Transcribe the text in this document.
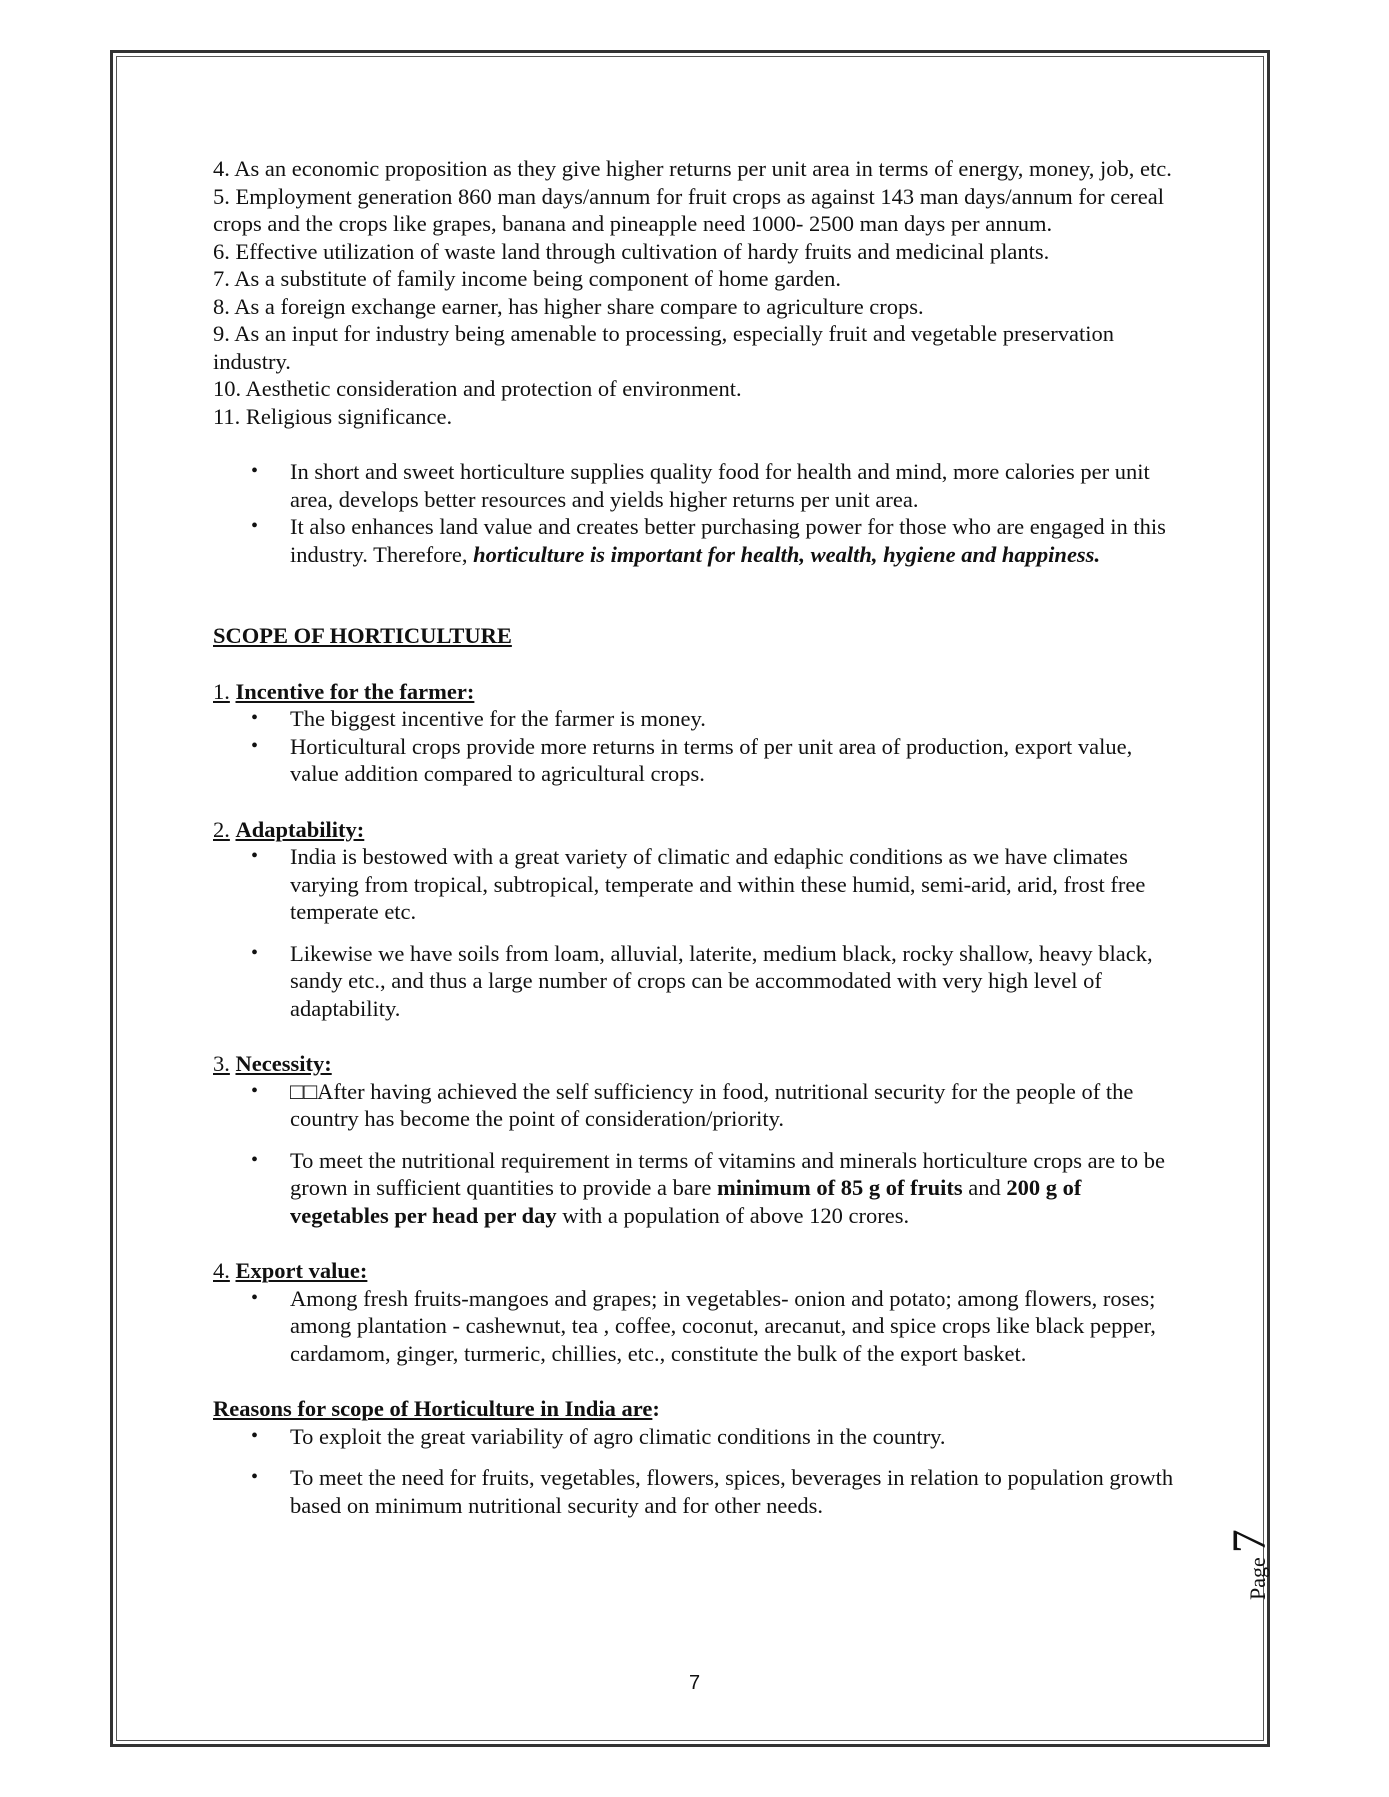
4. As an economic proposition as they give higher returns per unit area in terms of energy, money, job, etc.

5. Employment generation 860 man days/annum for fruit crops as against 143 man days/annum for cereal crops and the crops like grapes, banana and pineapple need 1000- 2500 man days per annum.

6. Effective utilization of waste land through cultivation of hardy fruits and medicinal plants.

7. As a substitute of family income being component of home garden.

8. As a foreign exchange earner, has higher share compare to agriculture crops.

9. As an input for industry being amenable to processing, especially fruit and vegetable preservation industry.

10. Aesthetic consideration and protection of environment.

11. Religious significance.

• In short and sweet horticulture supplies quality food for health and mind, more calories per unit area, develops better resources and yields higher returns per unit area.
• It also enhances land value and creates better purchasing power for those who are engaged in this industry. Therefore, horticulture is important for health, wealth, hygiene and happiness.

SCOPE OF HORTICULTURE

1. Incentive for the farmer:

• The biggest incentive for the farmer is money.
• Horticultural crops provide more returns in terms of per unit area of production, export value, value addition compared to agricultural crops.

2. Adaptability:

• India is bestowed with a great variety of climatic and edaphic conditions as we have climates varying from tropical, subtropical, temperate and within these humid, semi-arid, arid, frost free temperate etc.
• Likewise we have soils from loam, alluvial, laterite, medium black, rocky shallow, heavy black, sandy etc., and thus a large number of crops can be accommodated with very high level of adaptability.

3. Necessity:

• □□After having achieved the self sufficiency in food, nutritional security for the people of the country has become the point of consideration/priority.
• To meet the nutritional requirement in terms of vitamins and minerals horticulture crops are to be grown in sufficient quantities to provide a bare minimum of 85 g of fruits and 200 g of vegetables per head per day with a population of above 120 crores.

4. Export value:

• Among fresh fruits-mangoes and grapes; in vegetables- onion and potato; among flowers, roses; among plantation - cashewnut, tea , coffee, coconut, arecanut, and spice crops like black pepper, cardamom, ginger, turmeric, chillies, etc., constitute the bulk of the export basket.

Reasons for scope of Horticulture in India are:

• To exploit the great variability of agro climatic conditions in the country.
• To meet the need for fruits, vegetables, flowers, spices, beverages in relation to population growth based on minimum nutritional security and for other needs.
7
Page7
